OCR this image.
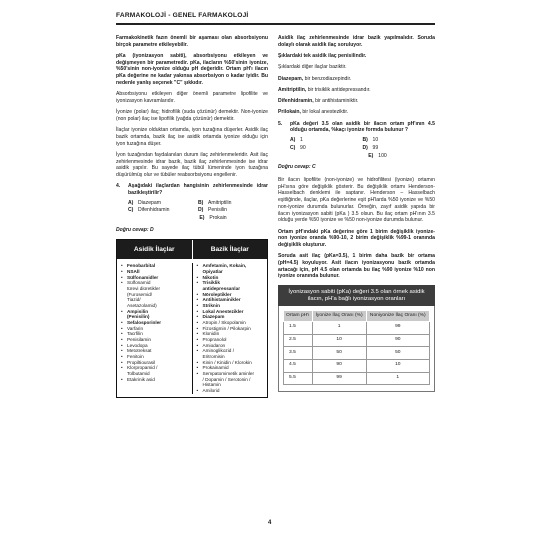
FARMAKOLOJİ - GENEL FARMAKOLOJİ

Farmakokinetik fazın önemli bir aşaması olan absorbsiyonu birçok parametre etkileyebilir.

pKa (iyonizasyon sabiti), absorbsiyonu etkileyen ve değişmeyen bir parametredir. pKa, ilacların %50'sinin iyonize, %50'sinin non-iyonize olduğu pH değeridir. Ortam pH'ı ilacın pKa değerine ne kadar yakınsa absorbsiyon o kadar iyidir. Bu nedenle yanlış seçenek "C" şıkkıdır.

Absorbsiyonu etkileyen diğer önemli parametre lipofilite ve iyonizasyon kavramlarıdır.

İyonize (polar) ilaç; hidrofilik (suda çözünür) demektir. Non-iyonize (non polar) ilaç ise lipofilik (yağda çözünür) demektir.

İlaçlar iyonize olduktan ortamda, iyon tuzağına düşerler. Asidik ilaç bazik ortamda, bazik ilaç ise asidik ortamda iyonize olduğu için iyon tuzağına düşer.

İyon tuzağından faydalanılan durum ilaç zehirlenmeleridir. Asit ilaç zehirlenmesinde idrar bazik, bazik ilaç zehirlenmesinde ise idrar asidik yapılır. Bu sayede ilaç tübül lümeninde iyon tuzağına düşürülmüş olur ve tübüler reabsorbsiyonu engellenir.

4.	Aşağıdaki ilaçlardan hangisinin zehirlenmesinde idrar bazikleştirilir?
A) Diazepam	B) Amitriptilin
C) Difenhidramin	D) Penisilin
E) Prokain
Doğru cevap: D
Asidik İlaçlar	Bazik İlaçlar
• Fenobarbital
• NSAİİ
• Sülfonamidler
• Sülfonamid
türevi diüretikler
(Furosemid/
Tiazid/
Asetazolamid)
• Ampisilin
(Penisilin)
• Sefalosporinler
• Varfarin
• Tacrfilin
• Penisilamin
• Levodopa
• Metotreksat
• Fenitoin
• Propiltiourasil
• Klorpropamid /
Tolbutamid
• Etakrinik asid
• Amfetamin, Kokain,
Opiyatlar
• Nikotin
• Trisiklik
antidepressanlar
• Nöroleptikler
• Antihistaminikler
• Striknin
• Lokal Anestezikler
• Diazepam
• Atropin / Skopolamin
• Fizostigmin / Pilokarpin
• Klonidin
• Propranolol
• Amiodaron
• Aminoglikozid /
Eritromisin
• Kinin / Kinidin / Klorokin
• Prokainamid
• Sempatomimetik aminler
/ Dopamin / Serotonin /
Histamin
• Amilorid

Asidik ilaç zehirlenmesinde idrar bazik yapılmalıdır. Soruda dolaylı olarak asidik ilaç soruluyor.

Şıklardaki tek asidik ilaç penisilindir.

Şıklardaki diğer ilaçlar baziktir.

Diazepam, bir benzodiazepindir.

Amitriptilin, bir trisiklik antidepressandır.

Difenhidramin, bir antihistaminiktir.

Prilokain, bir lokal anesteziktir.

5.	pKa değeri 3.5 olan asidik bir ilacın ortam pH'ının 4.5 olduğu ortamda, %kaçı iyonize formda bulunur ?
A) 1	B) 10
C) 90	D) 99
E) 100
Doğru cevap: C

Bir ilacın lipofilite (non-iyonize) ve hidrofilitesi (iyonize) ortamın pH'sına göre değişiklik gösterir. Bu değişiklik ortamı Henderson-Hasselbach denklemi ile saptanır. Henderson – Hasselbach eşitliğinde, ilaçlar, pKa değerlerine eşit pH'larda %50 iyonize ve %50 non-iyonize durumda bulunurlar. Örneğin, zayıf asidik yapıda bir ilacın iyonizasyon sabiti (pKa ) 3.5 olsun. Bu ilaç ortam pH'ının 3.5 olduğu yerde %50 iyonize ve %50 non-iyonize durumda bulunur.

Ortam pH'ındaki pKa değerine göre 1 birim değişiklik iyonize-non iyonize oranda %90-10, 2 birim değişiklik %99-1 oranında değişiklik oluşturur.

Soruda asit ilaç (pKa=3.5), 1 birim daha bazik bir ortama (pH=4.5) koyuluyor. Asit ilacın iyonizasyonu bazik ortamda artacağı için, pH 4.5 olan ortamda bu ilaç %90 iyonize %10 non iyonize oranında bulunur.

İyonizasyon sabiti (pKa) değeri 3.5 olan örnek asidik ilacın, pH'a bağlı iyonizasyon oranları
Ortam pH'ı	İyonize İlaç Oranı (%)	Noniyonize İlaç Oranı (%)
1.5	1	99
2.5	10	90
3.5	50	50
4.5	90	10
5.5	99	1
4
